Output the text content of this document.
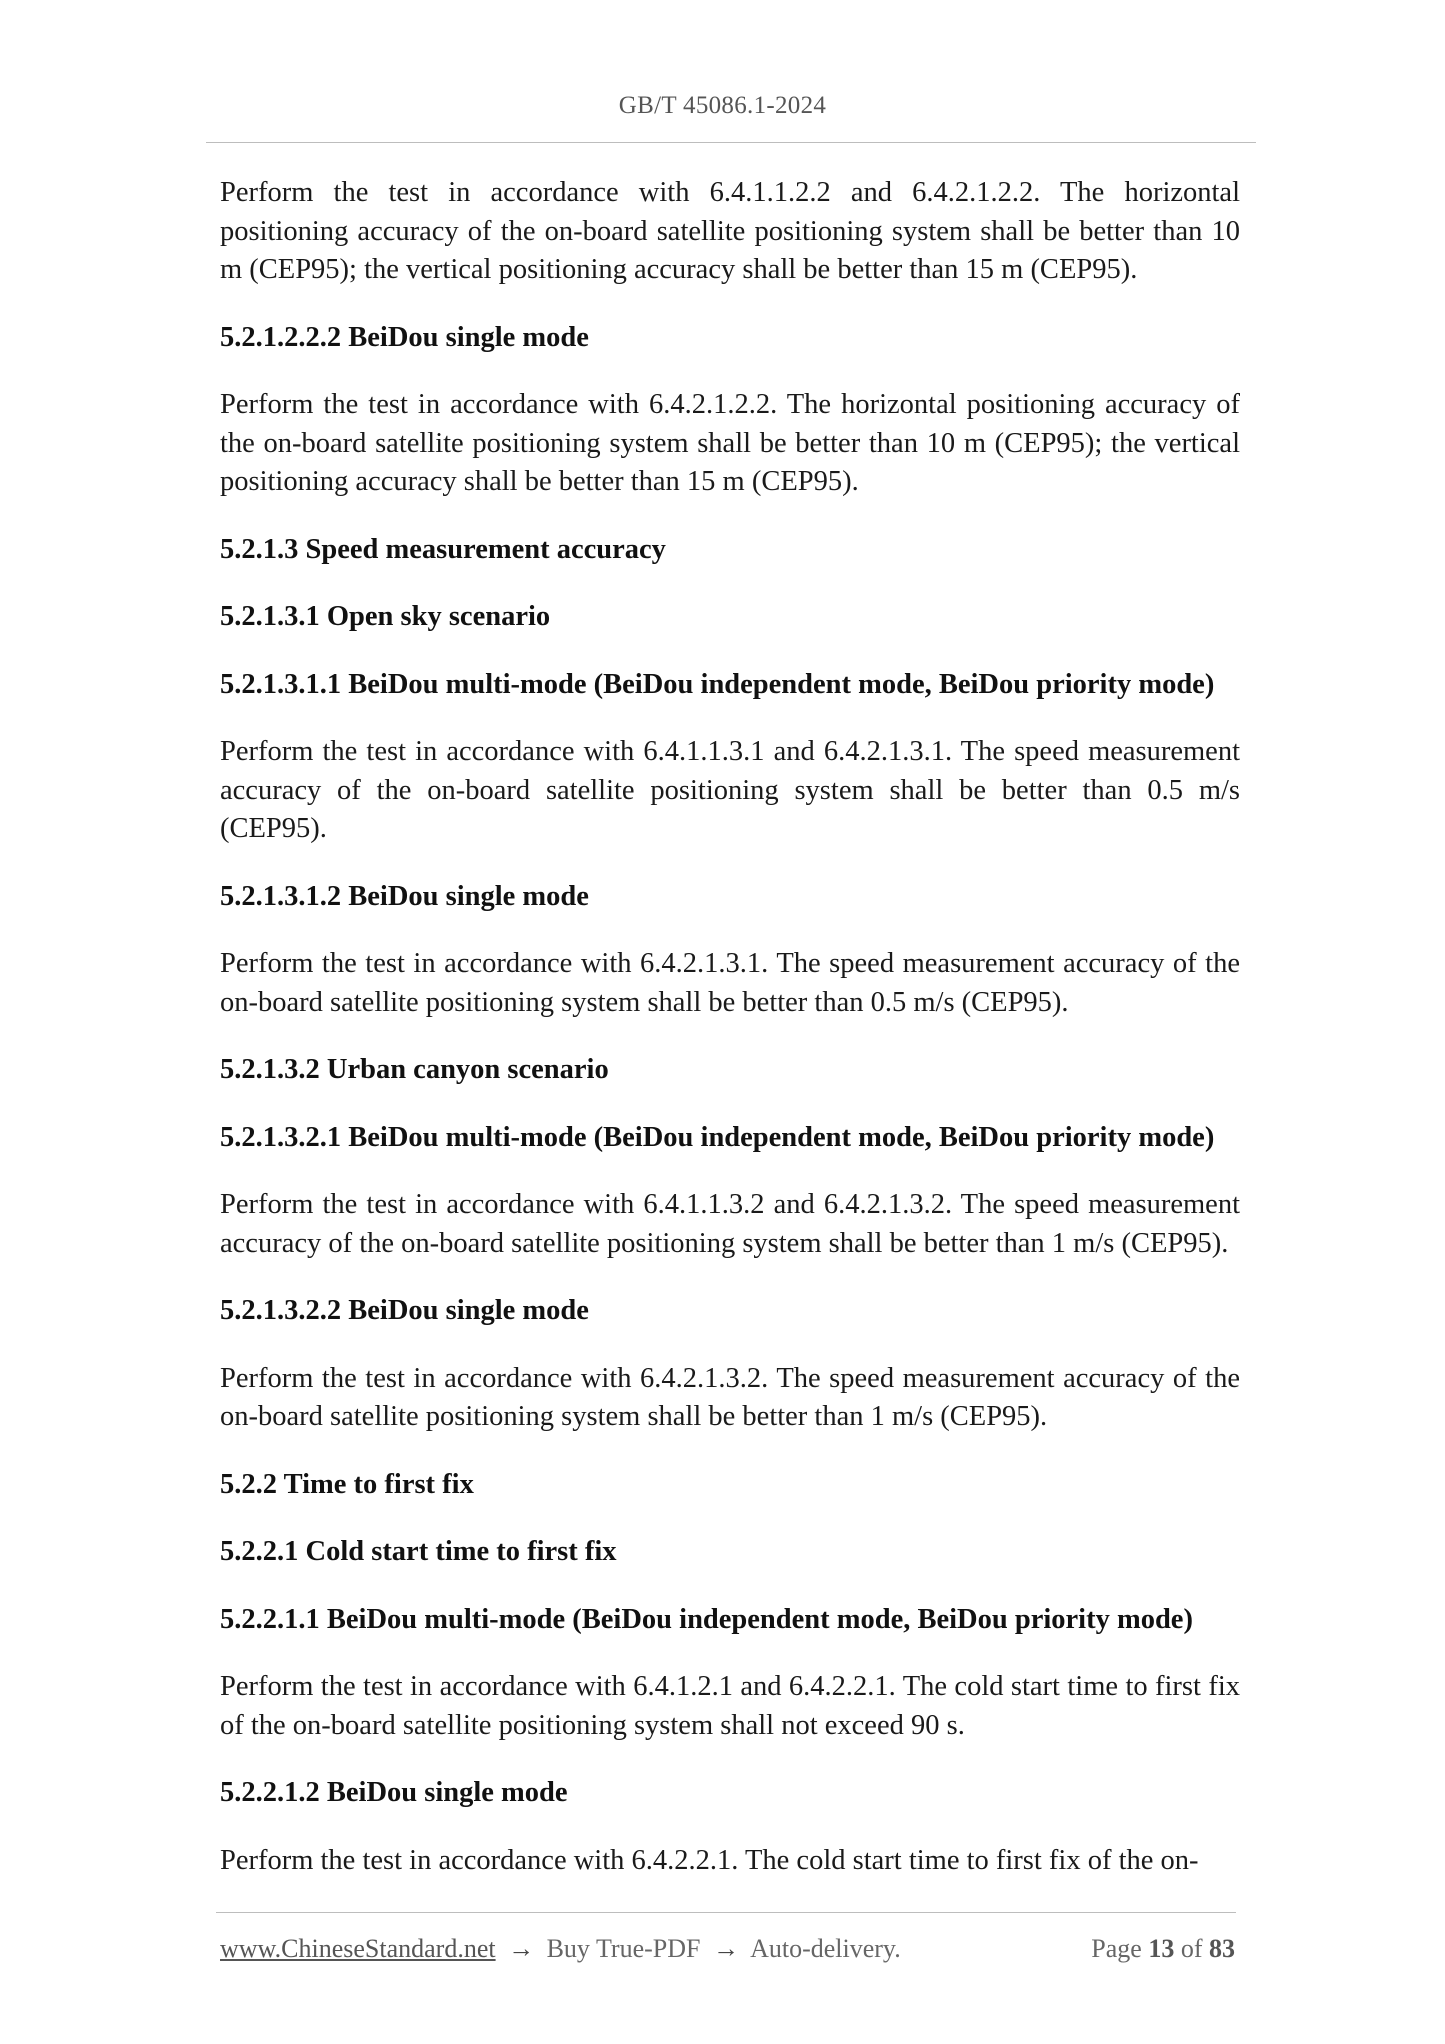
GB/T 45086.1-2024

Perform the test in accordance with 6.4.1.1.2.2 and 6.4.2.1.2.2. The horizontal positioning accuracy of the on-board satellite positioning system shall be better than 10 m (CEP95); the vertical positioning accuracy shall be better than 15 m (CEP95).

5.2.1.2.2.2 BeiDou single mode

Perform the test in accordance with 6.4.2.1.2.2. The horizontal positioning accuracy of the on-board satellite positioning system shall be better than 10 m (CEP95); the vertical positioning accuracy shall be better than 15 m (CEP95).

5.2.1.3 Speed measurement accuracy

5.2.1.3.1 Open sky scenario

5.2.1.3.1.1 BeiDou multi-mode (BeiDou independent mode, BeiDou priority mode)

Perform the test in accordance with 6.4.1.1.3.1 and 6.4.2.1.3.1. The speed measurement accuracy of the on-board satellite positioning system shall be better than 0.5 m/s (CEP95).

5.2.1.3.1.2 BeiDou single mode

Perform the test in accordance with 6.4.2.1.3.1. The speed measurement accuracy of the on-board satellite positioning system shall be better than 0.5 m/s (CEP95).

5.2.1.3.2 Urban canyon scenario

5.2.1.3.2.1 BeiDou multi-mode (BeiDou independent mode, BeiDou priority mode)

Perform the test in accordance with 6.4.1.1.3.2 and 6.4.2.1.3.2. The speed measurement accuracy of the on-board satellite positioning system shall be better than 1 m/s (CEP95).

5.2.1.3.2.2 BeiDou single mode

Perform the test in accordance with 6.4.2.1.3.2. The speed measurement accuracy of the on-board satellite positioning system shall be better than 1 m/s (CEP95).

5.2.2 Time to first fix

5.2.2.1 Cold start time to first fix

5.2.2.1.1 BeiDou multi-mode (BeiDou independent mode, BeiDou priority mode)

Perform the test in accordance with 6.4.1.2.1 and 6.4.2.2.1. The cold start time to first fix of the on-board satellite positioning system shall not exceed 90 s.

5.2.2.1.2 BeiDou single mode

Perform the test in accordance with 6.4.2.2.1. The cold start time to first fix of the on-

www.ChineseStandard.net → Buy True-PDF → Auto-delivery.	Page 13 of 83
